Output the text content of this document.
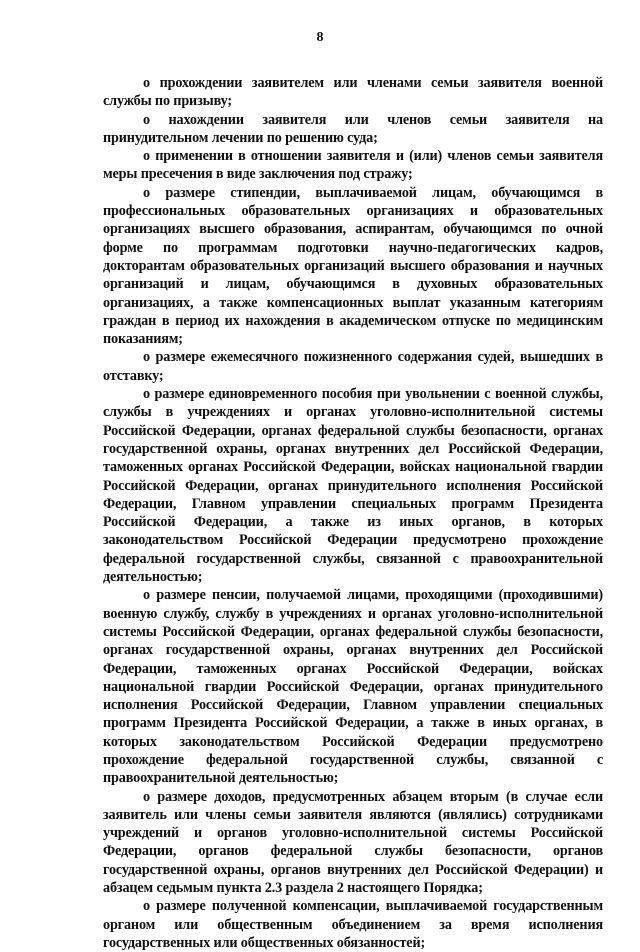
8

о прохождении заявителем или членами семьи заявителя военной службы по призыву;

о нахождении заявителя или членов семьи заявителя на принудительном лечении по решению суда;

о применении в отношении заявителя и (или) членов семьи заявителя меры пресечения в виде заключения под стражу;

о размере стипендии, выплачиваемой лицам, обучающимся в профессиональных образовательных организациях и образовательных организациях высшего образования, аспирантам, обучающимся по очной форме по программам подготовки научно-педагогических кадров, докторантам образовательных организаций высшего образования и научных организаций и лицам, обучающимся в духовных образовательных организациях, а также компенсационных выплат указанным категориям граждан в период их нахождения в академическом отпуске по медицинским показаниям;

о размере ежемесячного пожизненного содержания судей, вышедших в отставку;

о размере единовременного пособия при увольнении с военной службы, службы в учреждениях и органах уголовно-исполнительной системы Российской Федерации, органах федеральной службы безопасности, органах государственной охраны, органах внутренних дел Российской Федерации, таможенных органах Российской Федерации, войсках национальной гвардии Российской Федерации, органах принудительного исполнения Российской Федерации, Главном управлении специальных программ Президента Российской Федерации, а также из иных органов, в которых законодательством Российской Федерации предусмотрено прохождение федеральной государственной службы, связанной с правоохранительной деятельностью;

о размере пенсии, получаемой лицами, проходящими (проходившими) военную службу, службу в учреждениях и органах уголовно-исполнительной системы Российской Федерации, органах федеральной службы безопасности, органах государственной охраны, органах внутренних дел Российской Федерации, таможенных органах Российской Федерации, войсках национальной гвардии Российской Федерации, органах принудительного исполнения Российской Федерации, Главном управлении специальных программ Президента Российской Федерации, а также в иных органах, в которых законодательством Российской Федерации предусмотрено прохождение федеральной государственной службы, связанной с правоохранительной деятельностью;

о размере доходов, предусмотренных абзацем вторым (в случае если заявитель или члены семьи заявителя являются (являлись) сотрудниками учреждений и органов уголовно-исполнительной системы Российской Федерации, органов федеральной службы безопасности, органов государственной охраны, органов внутренних дел Российской Федерации) и абзацем седьмым пункта 2.3 раздела 2 настоящего Порядка;

о размере полученной компенсации, выплачиваемой государственным органом или общественным объединением за время исполнения государственных или общественных обязанностей;
